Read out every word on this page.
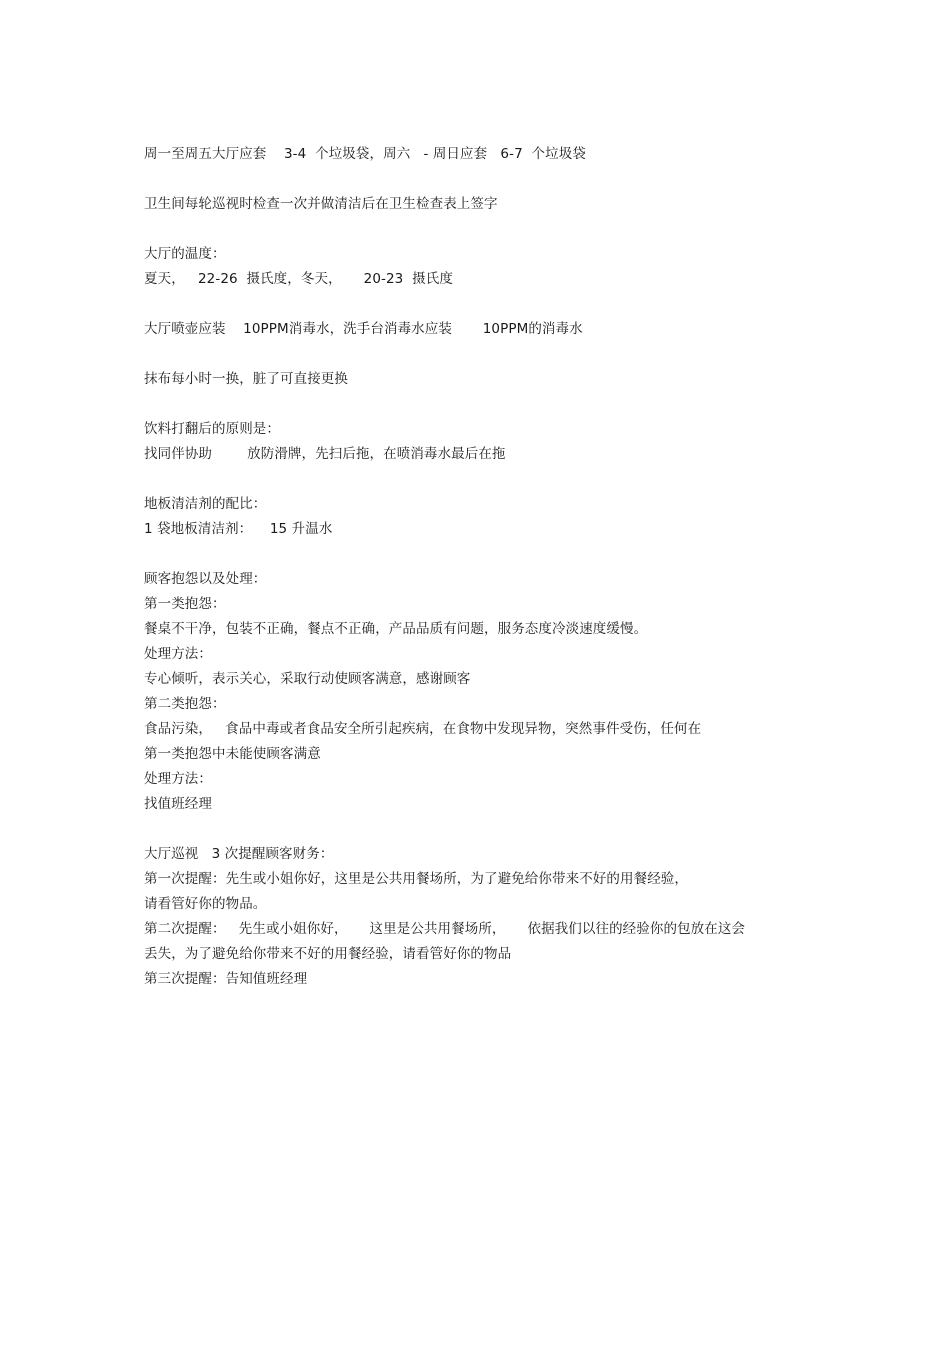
周一至周五大厅应套    3-4  个垃圾袋，周六   - 周日应套   6-7  个垃圾袋
卫生间每轮巡视时检查一次并做清洁后在卫生检查表上签字
大厅的温度：
夏天，   22-26  摄氏度，冬天，     20-23  摄氏度
大厅喷壶应装    10PPM消毒水，洗手台消毒水应装       10PPM的消毒水
抹布每小时一换，脏了可直接更换
饮料打翻后的原则是：
找同伴协助        放防滑牌，先扫后拖，在喷消毒水最后在拖
地板清洁剂的配比：
1 袋地板清洁剂：    15 升温水
顾客抱怨以及处理：
第一类抱怨：
餐桌不干净，包装不正确，餐点不正确，产品品质有问题，服务态度冷淡速度缓慢。
处理方法：
专心倾听，表示关心，采取行动使顾客满意，感谢顾客
第二类抱怨：
食品污染，   食品中毒或者食品安全所引起疾病，在食物中发现异物，突然事件受伤，任何在
第一类抱怨中未能使顾客满意
处理方法：
找值班经理
大厅巡视   3 次提醒顾客财务：
第一次提醒：先生或小姐你好，这里是公共用餐场所，为了避免给你带来不好的用餐经验，
请看管好你的物品。
第二次提醒：   先生或小姐你好，     这里是公共用餐场所，     依据我们以往的经验你的包放在这会
丢失，为了避免给你带来不好的用餐经验，请看管好你的物品
第三次提醒：告知值班经理
